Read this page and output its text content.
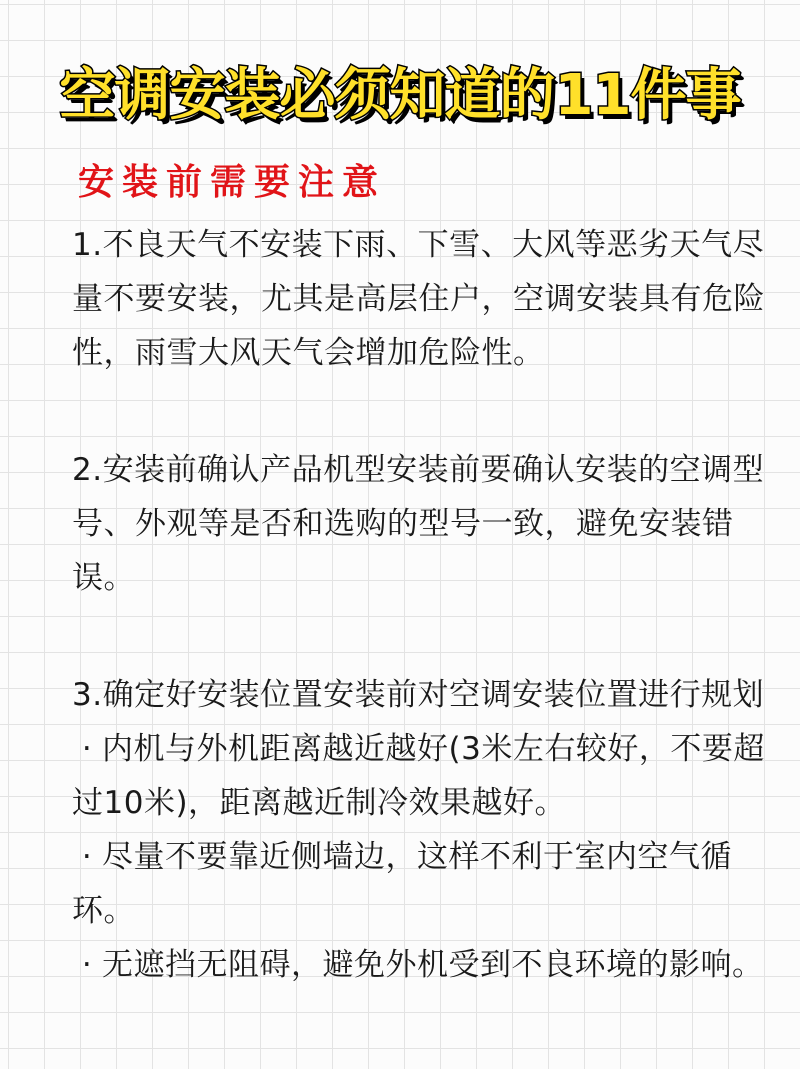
空调安装必须知道的11件事
安装前需要注意
1.不良天气不安装下雨、下雪、大风等恶劣天气尽
量不要安装，尤其是高层住户，空调安装具有危险
性，雨雪大风天气会增加危险性。
2.安装前确认产品机型安装前要确认安装的空调型
号、外观等是否和选购的型号一致，避免安装错
误。
3.确定好安装位置安装前对空调安装位置进行规划
· 内机与外机距离越近越好(3米左右较好，不要超
过10米)，距离越近制冷效果越好。
· 尽量不要靠近侧墙边，这样不利于室内空气循
环。
· 无遮挡无阻碍，避免外机受到不良环境的影响。
